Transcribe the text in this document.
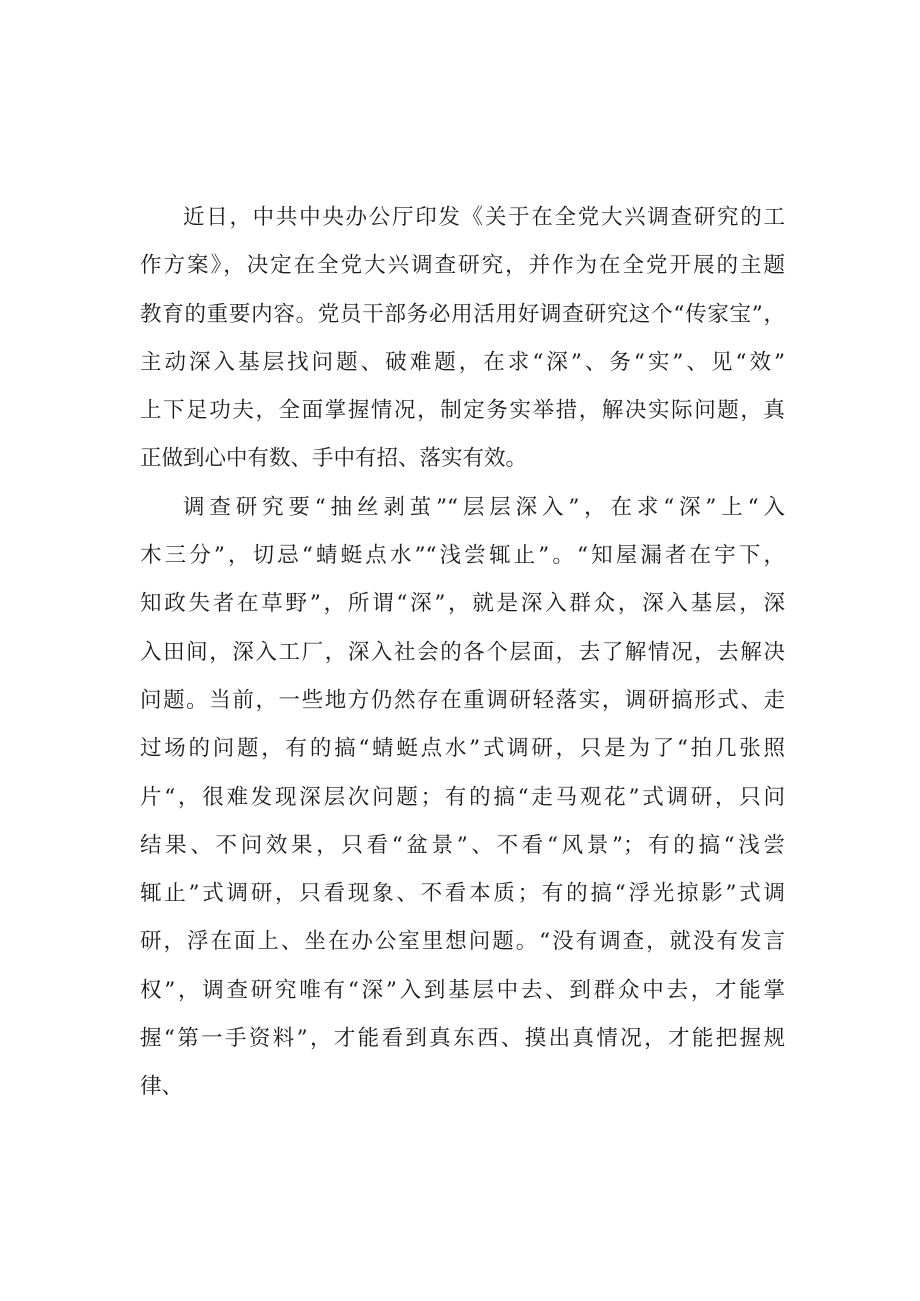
近日，中共中央办公厅印发《关于在全党大兴调查研究的工
作方案》，决定在全党大兴调查研究，并作为在全党开展的主题
教育的重要内容。党员干部务必用活用好调查研究这个“传家宝”，
主动深入基层找问题、破难题，在求“深”、务“实”、见“效”
上下足功夫，全面掌握情况，制定务实举措，解决实际问题，真
正做到心中有数、手中有招、落实有效。
调查研究要“抽丝剥茧”“层层深入”，在求“深”上“入
木三分”，切忌“蜻蜓点水”“浅尝辄止”。“知屋漏者在宇下，
知政失者在草野”，所谓“深”，就是深入群众，深入基层，深
入田间，深入工厂，深入社会的各个层面，去了解情况，去解决
问题。当前，一些地方仍然存在重调研轻落实，调研搞形式、走
过场的问题，有的搞“蜻蜓点水”式调研，只是为了“拍几张照
片“，很难发现深层次问题；有的搞“走马观花”式调研，只问
结果、不问效果，只看“盆景”、不看“风景”；有的搞“浅尝
辄止”式调研，只看现象、不看本质；有的搞“浮光掠影”式调
研，浮在面上、坐在办公室里想问题。“没有调查，就没有发言
权”，调查研究唯有“深”入到基层中去、到群众中去，才能掌
握“第一手资料”，才能看到真东西、摸出真情况，才能把握规
律、
